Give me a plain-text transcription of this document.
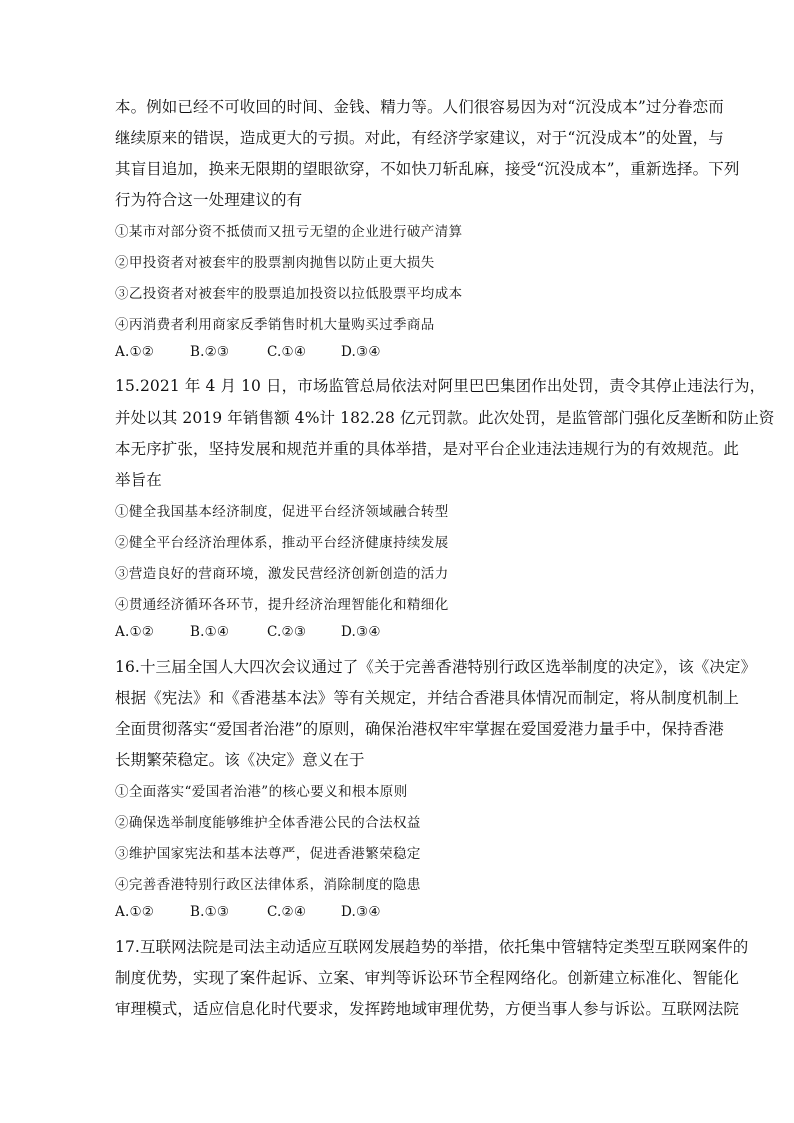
本。例如已经不可收回的时间、金钱、精力等。人们很容易因为对“沉没成本”过分眷恋而
继续原来的错误，造成更大的亏损。对此，有经济学家建议，对于“沉没成本”的处置，与
其盲目追加，换来无限期的望眼欲穿，不如快刀斩乱麻，接受“沉没成本”，重新选择。下列
行为符合这一处理建议的有
①某市对部分资不抵债而又扭亏无望的企业进行破产清算
②甲投资者对被套牢的股票割肉抛售以防止更大损失
③乙投资者对被套牢的股票追加投资以拉低股票平均成本
④丙消费者利用商家反季销售时机大量购买过季商品
A.①②	B.②③	C.①④	D.③④
15.2021 年 4 月 10 日，市场监管总局依法对阿里巴巴集团作出处罚，责令其停止违法行为，
并处以其 2019 年销售额 4%计 182.28 亿元罚款。此次处罚，是监管部门强化反垄断和防止资
本无序扩张，坚持发展和规范并重的具体举措，是对平台企业违法违规行为的有效规范。此
举旨在
①健全我国基本经济制度，促进平台经济领域融合转型
②健全平台经济治理体系，推动平台经济健康持续发展
③营造良好的营商环境，激发民营经济创新创造的活力
④贯通经济循环各环节，提升经济治理智能化和精细化
A.①②	B.①④	C.②③	D.③④
16.十三届全国人大四次会议通过了《关于完善香港特别行政区选举制度的决定》，该《决定》
根据《宪法》和《香港基本法》等有关规定，并结合香港具体情况而制定，将从制度机制上
全面贯彻落实“爱国者治港”的原则，确保治港权牢牢掌握在爱国爱港力量手中，保持香港
长期繁荣稳定。该《决定》意义在于
①全面落实“爱国者治港”的核心要义和根本原则
②确保选举制度能够维护全体香港公民的合法权益
③维护国家宪法和基本法尊严，促进香港繁荣稳定
④完善香港特别行政区法律体系，消除制度的隐患
A.①②	B.①③	C.②④	D.③④
17.互联网法院是司法主动适应互联网发展趋势的举措，依托集中管辖特定类型互联网案件的
制度优势，实现了案件起诉、立案、审判等诉讼环节全程网络化。创新建立标准化、智能化
审理模式，适应信息化时代要求，发挥跨地域审理优势，方便当事人参与诉讼。互联网法院
